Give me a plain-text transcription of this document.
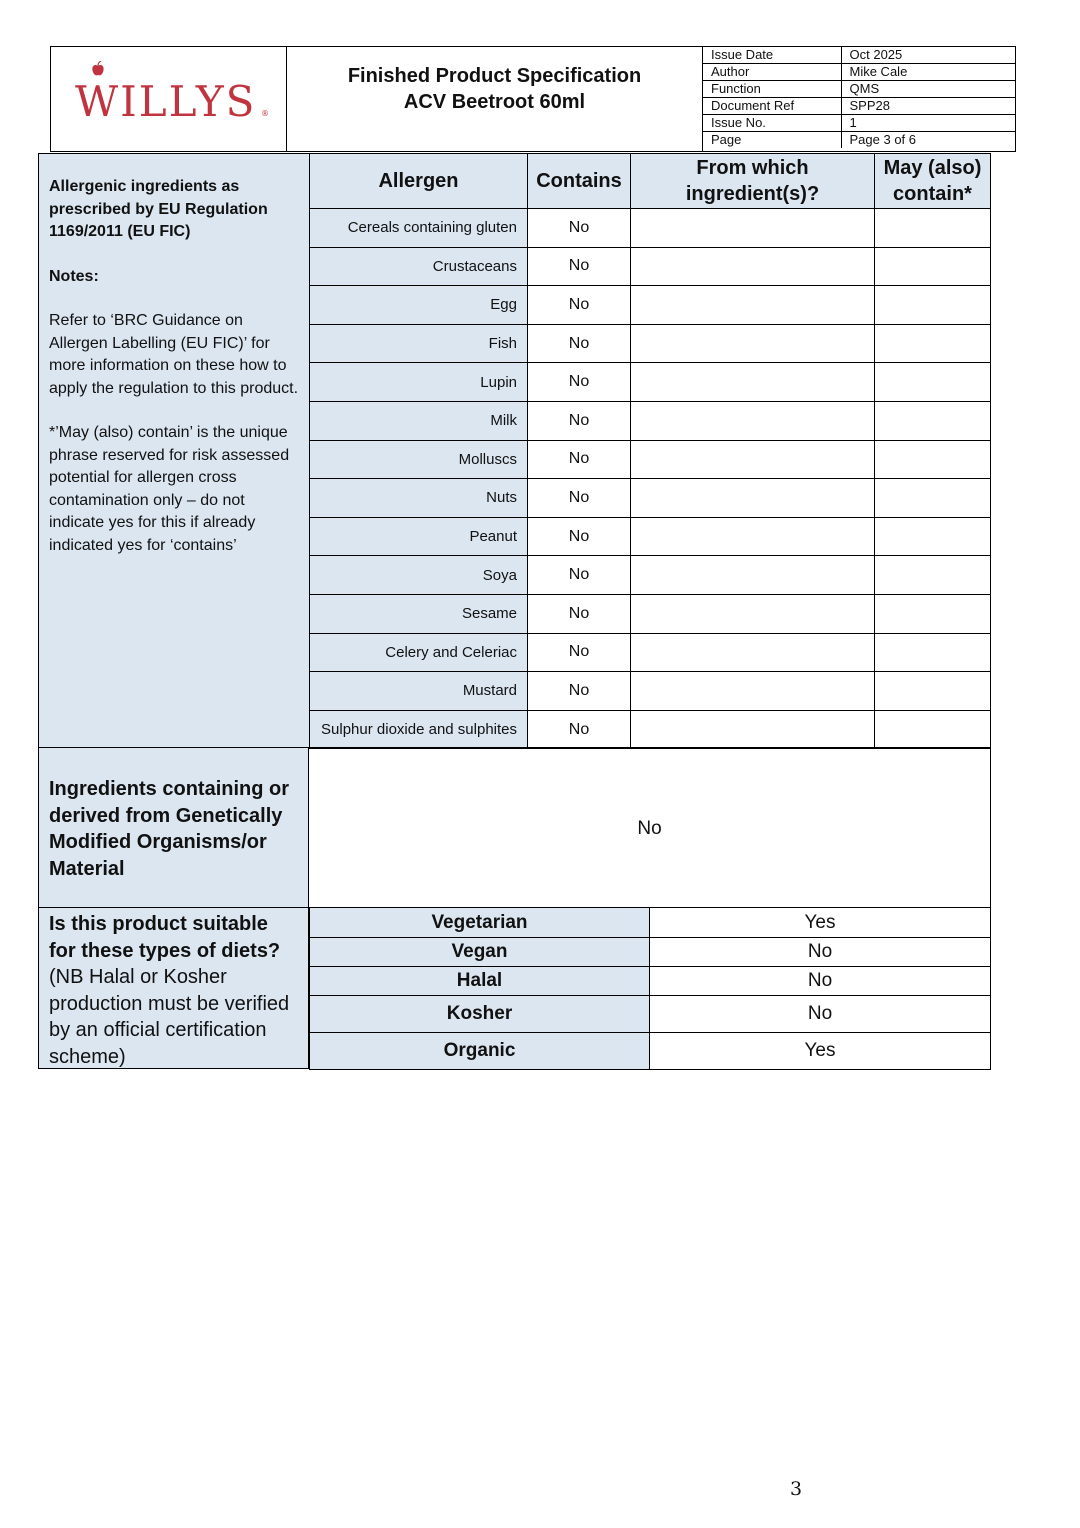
WILLYS ®
Finished Product Specification
ACV Beetroot 60ml
Issue Date	Oct 2025
Author	Mike Cale
Function	QMS
Document Ref	SPP28
Issue No.	1
Page	Page 3 of 6
Allergenic ingredients as prescribed by EU Regulation 1169/2011 (EU FIC)
Notes:
Refer to ‘BRC Guidance on Allergen Labelling (EU FIC)’ for more information on these how to apply the regulation to this product.
*’May (also) contain’ is the unique phrase reserved for risk assessed potential for allergen cross contamination only – do not indicate yes for this if already indicated yes for ‘contains’	Allergen	Contains	From which ingredient(s)?	May (also) contain*
	Cereals containing gluten	No		
	Crustaceans	No		
	Egg	No		
	Fish	No		
	Lupin	No		
	Milk	No		
	Molluscs	No		
	Nuts	No		
	Peanut	No		
	Soya	No		
	Sesame	No		
	Celery and Celeriac	No		
	Mustard	No		
	Sulphur dioxide and sulphites	No		
Ingredients containing or derived from Genetically Modified Organisms/or Material
No
Is this product suitable for these types of diets?
(NB Halal or Kosher production must be verified by an official certification scheme)
Vegetarian	Yes
Vegan	No
Halal	No
Kosher	No
Organic	Yes
3
